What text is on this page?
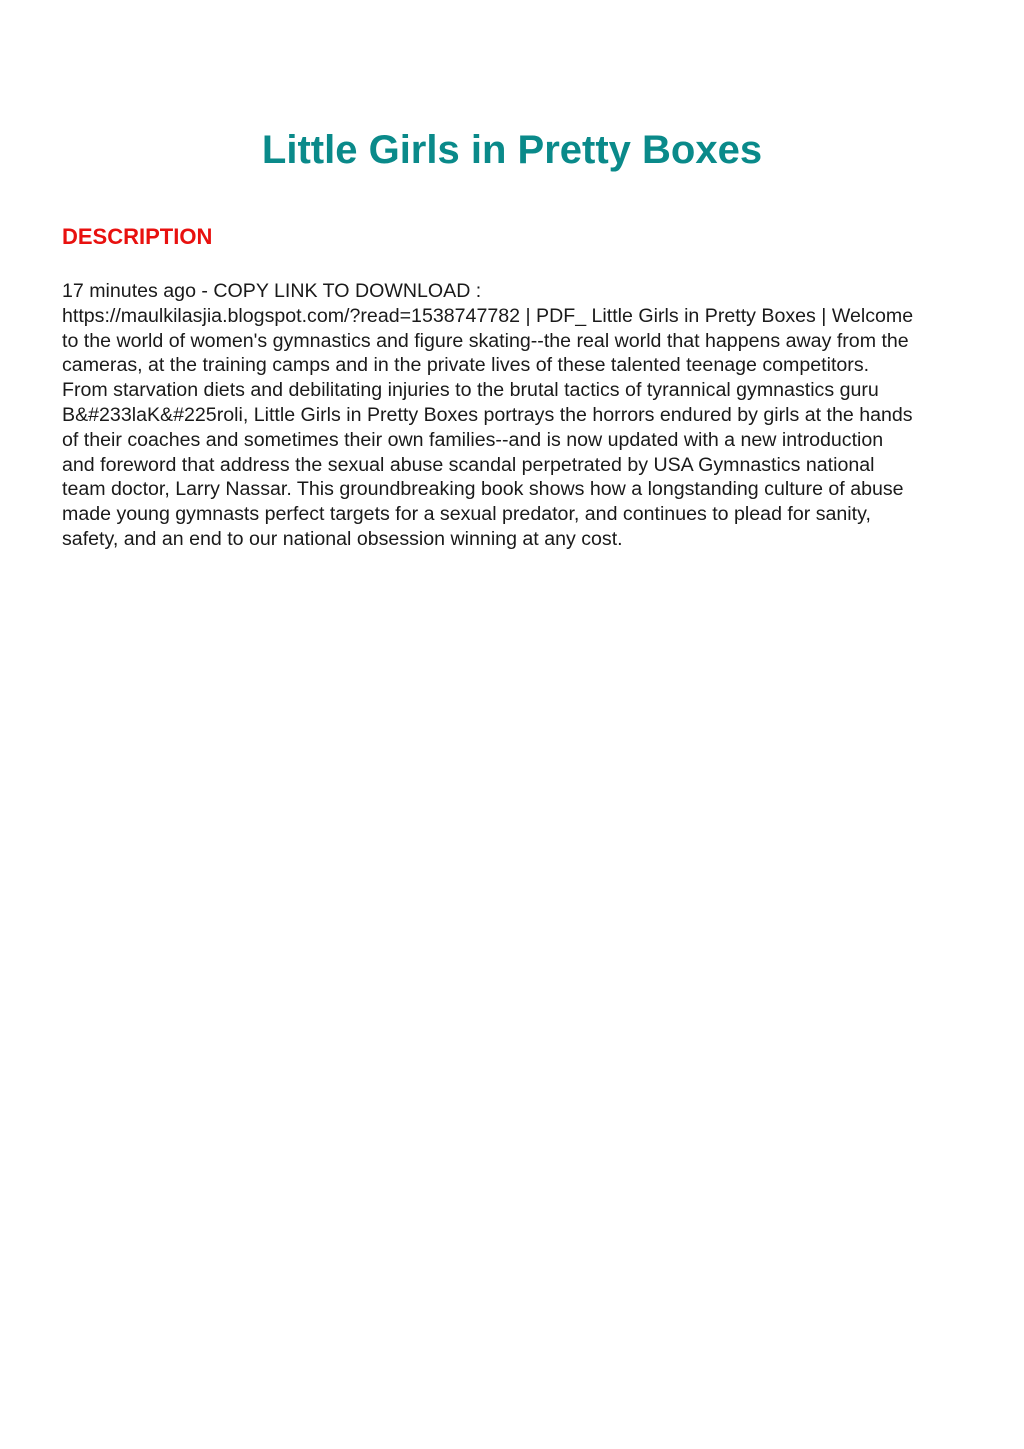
Little Girls in Pretty Boxes
DESCRIPTION

17 minutes ago - COPY LINK TO DOWNLOAD :
https://maulkilasjia.blogspot.com/?read=1538747782 | PDF_ Little Girls in Pretty Boxes | Welcome
to the world of women's gymnastics and figure skating--the real world that happens away from the
cameras, at the training camps and in the private lives of these talented teenage competitors.
From starvation diets and debilitating injuries to the brutal tactics of tyrannical gymnastics guru
B&#233laK&#225roli, Little Girls in Pretty Boxes portrays the horrors endured by girls at the hands
of their coaches and sometimes their own families--and is now updated with a new introduction
and foreword that address the sexual abuse scandal perpetrated by USA Gymnastics national
team doctor, Larry Nassar. This groundbreaking book shows how a longstanding culture of abuse
made young gymnasts perfect targets for a sexual predator, and continues to plead for sanity,
safety, and an end to our national obsession winning at any cost.
